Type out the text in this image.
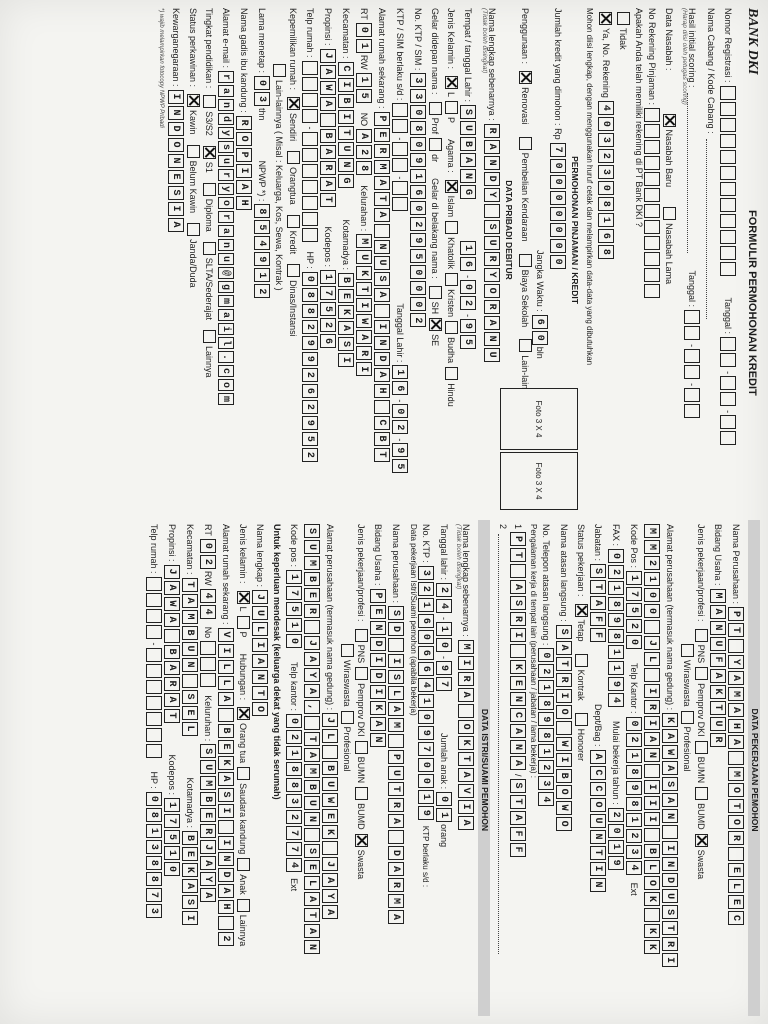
BANK DKI
FORMULIR PERMOHONAN KREDIT
Nomor Registrasi :
Tanggal :
-
-
Nama Cabang / Kode Cabang :
Hasil initial scoring :
Tanggal :
-
-
(Harap diisi oleh petugas scoring)
Data Nasabah :
Nasabah Baru
Nasabah Lama
No Rekening Pinjaman :
Apakah Anda telah memiliki rekening di PT Bank DKI ?
Tidak
Ya, No. Rekening
4
0
3
2
3
0
8
1
6
8
Mohon diisi lengkap, dengan menggunakan huruf cetak dan melampirkan data-data yang dibutuhkan
Foto 3 X 4
Foto 3 X 4
PERMOHONAN PINJAMAN / KREDIT
Jumlah kredit yang dimohon : Rp
7
0
0
0
0
0
0
0
Jangka Waktu :
6
0
bln
Penggunaan :
Renovasi
Pembelian Kendaraan
Biaya Sekolah
Lain-lain
DATA PRIBADI DEBITUR
Nama lengkap sebenarnya :
R
A
N
D
Y
S
U
R
Y
O
R
A
N
U
(Tidak boleh disingkat)
Tempat / tanggal Lahir :
S
U
B
A
N
G
1
6
-
0
2
-
9
5
Jenis Kelamin :
L
P
Agama :
Islam
Khatolik
Kristen
Budha
Hindu
Gelar didepan nama :
Prof
dr
Gelar di belakang nama :
SH
SE
No. KTP / SIM :
3
3
0
8
0
9
1
6
0
2
9
5
0
0
0
2
KTP / SIM berlaku s/d :
-
-
Tanggal Lahir :
1
6
-
0
2
-
9
5
Alamat rumah sekarang :
P
E
R
M
A
T
A
N
U
S
A
I
N
D
A
H
C
B
T
RT
0
1
RW
1
5
NO
A
2
8
Kelurahan :
M
U
K
T
I
W
A
R
I
Kecamatan :
C
I
B
I
T
U
N
G
Kotamadya :
B
E
K
A
S
I
Propinsi :
J
A
W
A
B
A
R
A
T
Kodepos :
1
7
5
2
6
Telp rumah :
-
HP :
0
8
8
2
9
9
2
6
2
9
5
2
Kepemilikan rumah :
Sendiri
Orangtua
Kredit
Dinas/Instansi
Lain-lainnya ( Misal : Keluarga, Kos, Sewa, Kontrak )
Lama menetap :
0
3
thn
NPWP *) :
8
5
4
9
1
2
Nama gadis ibu kandung :
R
O
P
I
A
H
Alamat e-mail :
r
a
n
d
y
s
u
r
y
o
r
a
n
u
@
g
m
a
i
l
.
c
o
m
Tingkat pendidikan :
S3/S2
S1
Diploma
SLTA/Sederajat
Lainnya
Status perkawinan :
Kawin
Belum Kawin
Janda/Duda
Kewarganegaraan :
I
N
D
O
N
E
S
I
A
*) wajib melampirkan fotocopy NPWP Pribadi
DATA PEKERJAAN PEMOHON
Nama Perusahaan :
P
T
Y
A
M
A
H
A
M
O
T
O
R
E
L
E
C
Bidang Usaha :
M
A
N
U
F
A
K
T
U
R
Jenis pekerjaan/profesi :
PNS
Pemprov DKI
BUMN
BUMD
Swasta
Wiraswasta
Profesional
Alamat perusahaan (termasuk nama gedung) :
K
A
W
A
S
A
N
I
N
D
U
S
T
R
I
M
M
2
1
0
0
J
L
I
R
I
A
N
I
I
I
B
L
O
K
K
K
Kode Pos :
1
7
5
2
0
Telp Kantor :
0
2
1
8
9
8
1
2
3
4
Ext
FAX :
0
2
1
8
9
8
1
1
9
4
Mulai bekerja tahun :
2
0
1
9
Jabatan :
S
T
A
F
F
Dept/Bag :
A
C
C
O
U
N
T
I
N
Status pekerjaan :
Tetap
Kontrak
Honorer
Nama atasan langsung :
S
A
T
R
I
O
W
I
B
O
W
O
No. Telepon atasan langsung :
0
2
1
8
9
8
1
2
3
4
Pengalaman kerja di tempat lain (perusahaan / jabatan / lama bekerja) :
1
P
T
A
S
R
I
K
E
N
C
A
N
A
/
S
T
A
F
F
2
DATA ISTRI/SUAMI PEMOHON
Nama lengkap sebenarnya :
M
I
R
A
O
K
T
A
V
I
A
(Tidak boleh disingkat)
Tanggal lahir :
2
4
-
1
0
-
9
7
Jumlah anak :
0
1
orang
No. KTP :
3
2
1
6
0
6
6
4
1
0
9
7
0
0
1
9
KTP berlaku s/d :
Data pekerjaan Istri/Suami pemohon (apabila bekerja)
Nama perusahaan :
S
D
I
S
L
A
M
P
U
T
R
A
D
A
R
M
A
Bidang Usaha :
P
E
N
D
I
D
I
K
A
N
Jenis pekerjaan/profesi :
PNS
Pemprov DKI
BUMN
BUMD
Swasta
Wiraswasta
Profesional
Alamat perusahaan (termasuk nama gedung) :
J
L
B
U
W
E
K
J
A
Y
A
S
U
M
B
E
R
J
A
Y
A
,
T
A
M
B
U
N
S
E
L
A
T
A
N
Kode pos :
1
7
5
1
0
Telp kantor :
0
2
1
8
8
3
2
7
7
4
Ext
Untuk keperluan mendesak (keluarga dekat yang tidak serumah)
Nama lengkap :
J
U
L
I
A
N
T
O
Jenis kelamin :
L
P
Hubungan :
Orang tua
Saudara kandung
Anak
Lainnya
Alamat rumah sekarang :
V
I
L
L
A
B
E
K
A
S
I
I
N
D
A
H
2
RT
0
2
RW
4
4
No
Keluruhan :
S
U
M
B
E
R
J
A
Y
A
Kecamatan :
T
A
M
B
U
N
S
E
L
Kotamadya :
B
E
K
A
S
I
Propinsi :
J
A
W
A
B
A
R
A
T
Kodepos :
1
7
5
1
0
Telp rumah :
-
HP :
0
8
1
3
8
8
7
3
